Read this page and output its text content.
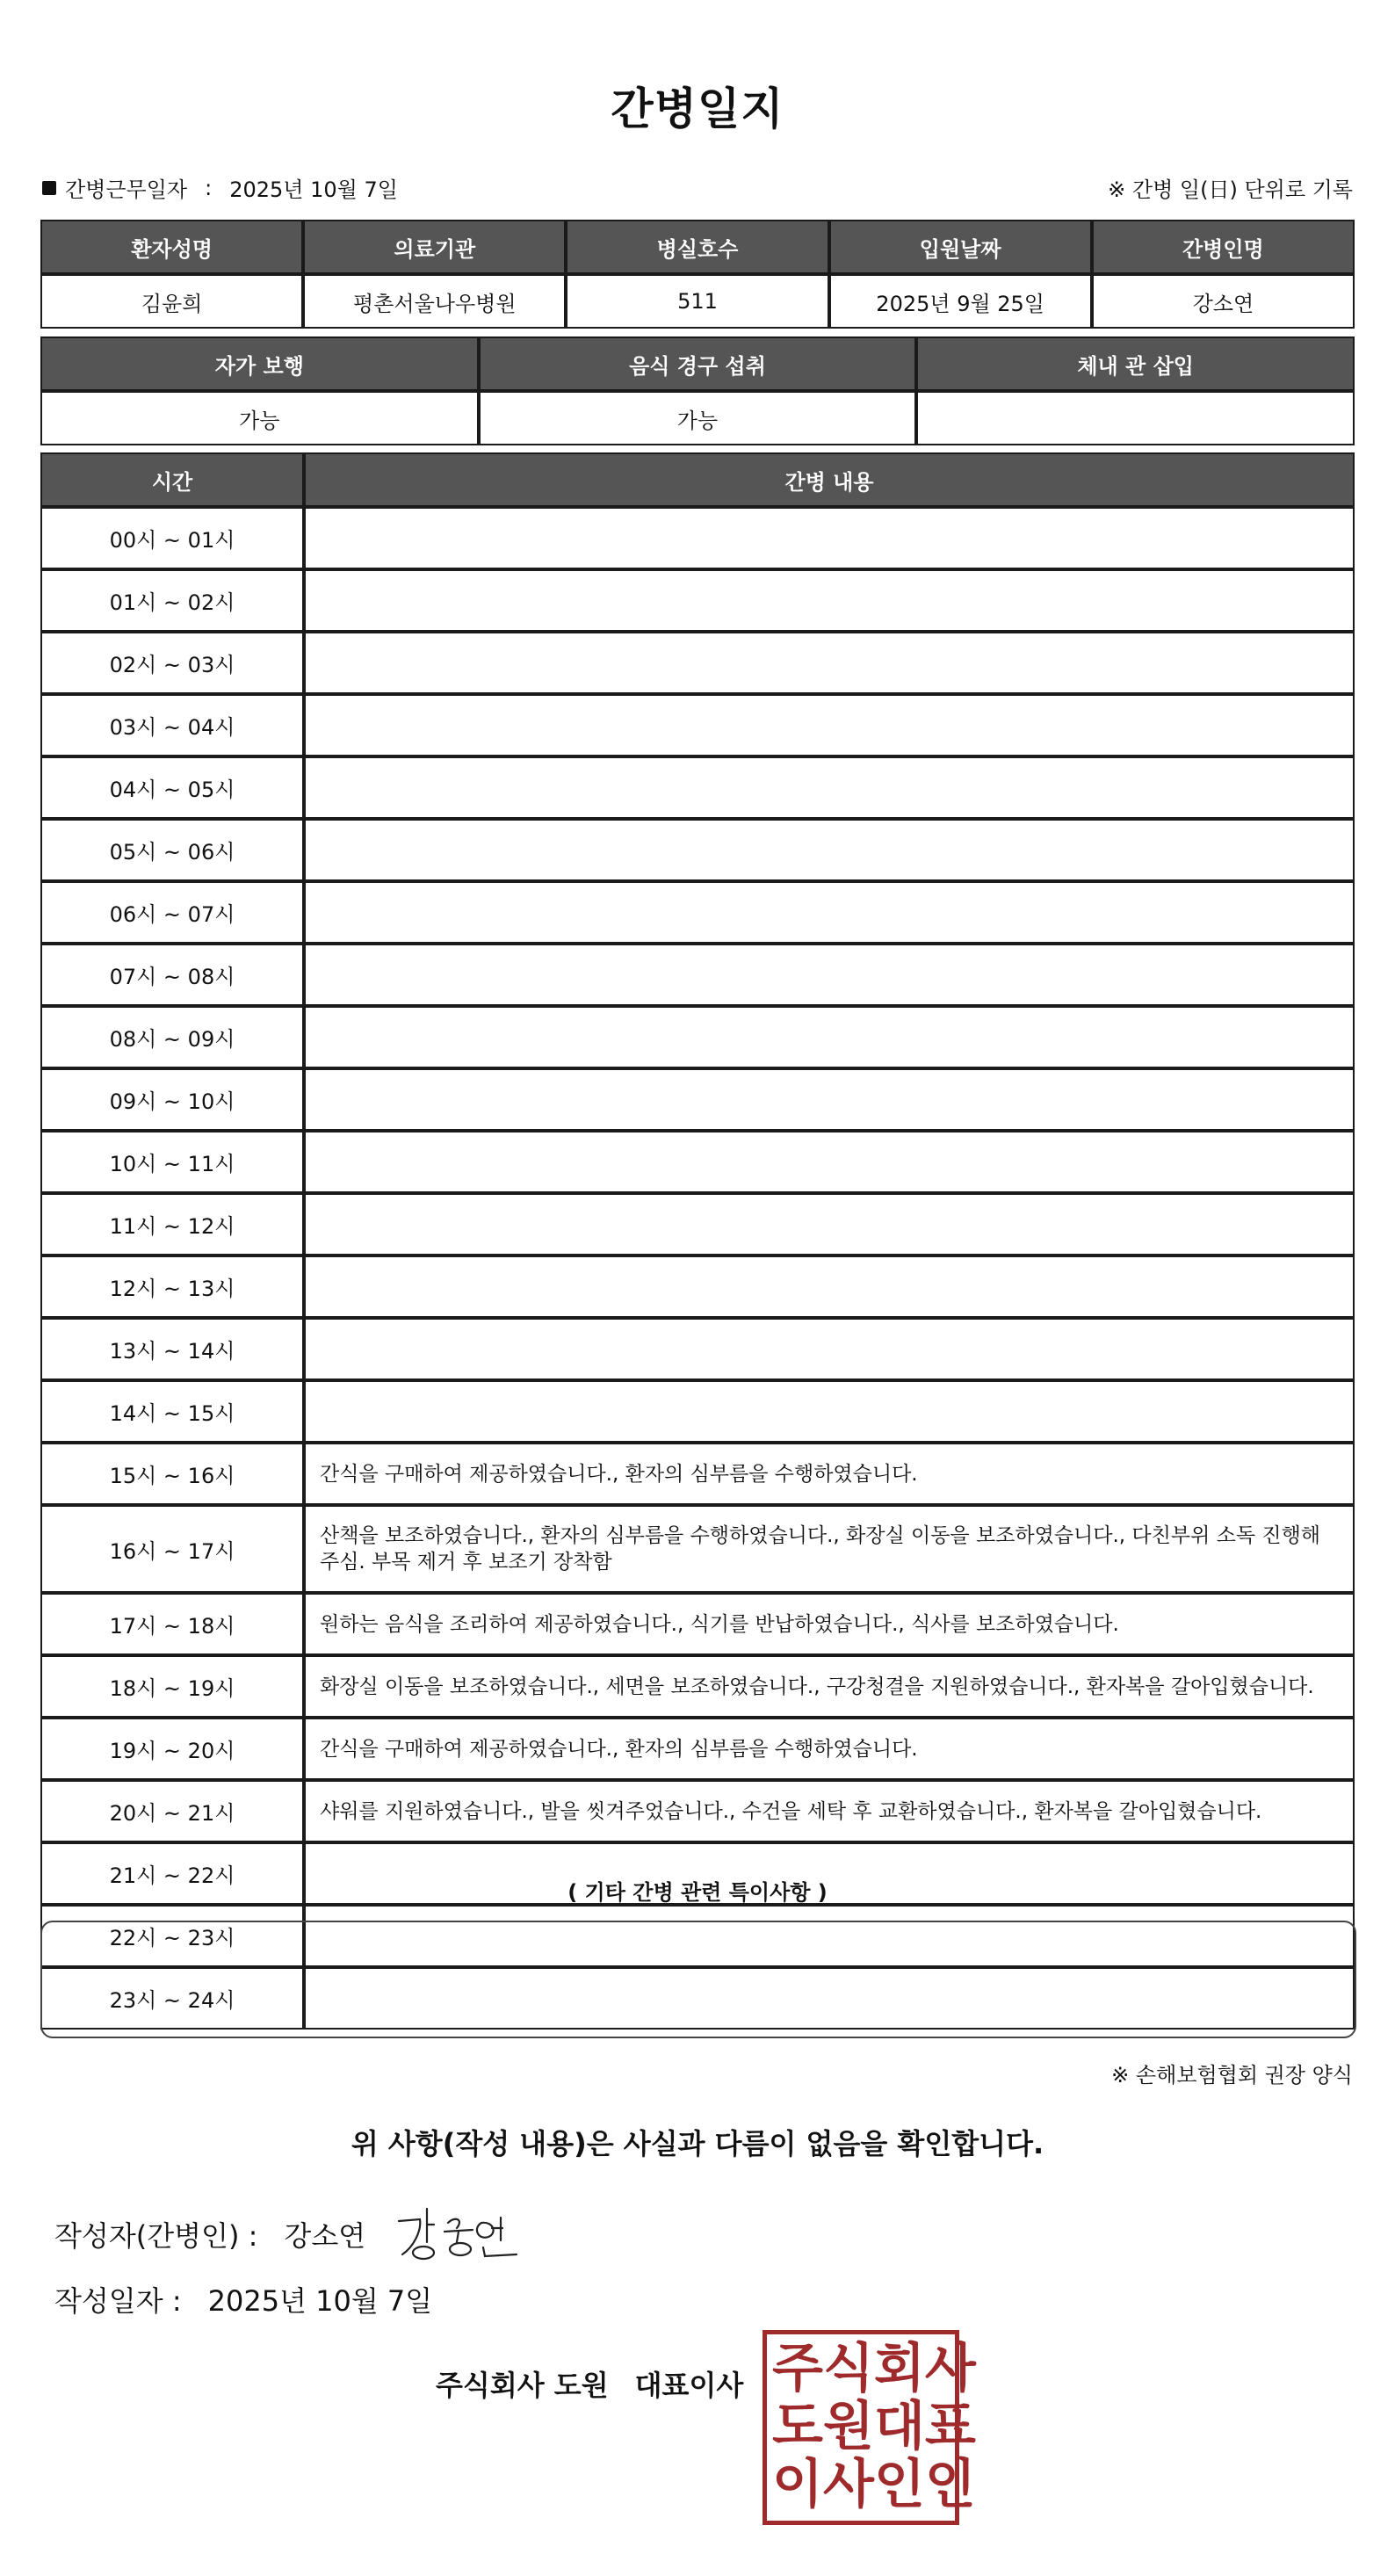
간병일지
간병근무일자 : 2025년 10월 7일	※ 간병 일(日) 단위로 기록
환자성명	의료기관	병실호수	입원날짜	간병인명
김윤희	평촌서울나우병원	511	2025년 9월 25일	강소연
자가 보행	음식 경구 섭취	체내 관 삽입
가능	가능	
시간	간병 내용
00시 ~ 01시	
01시 ~ 02시	
02시 ~ 03시	
03시 ~ 04시	
04시 ~ 05시	
05시 ~ 06시	
06시 ~ 07시	
07시 ~ 08시	
08시 ~ 09시	
09시 ~ 10시	
10시 ~ 11시	
11시 ~ 12시	
12시 ~ 13시	
13시 ~ 14시	
14시 ~ 15시	
15시 ~ 16시	간식을 구매하여 제공하였습니다., 환자의 심부름을 수행하였습니다.
16시 ~ 17시	산책을 보조하였습니다., 환자의 심부름을 수행하였습니다., 화장실 이동을 보조하였습니다., 다친부위 소독 진행해주심. 부목 제거 후 보조기 장착함
17시 ~ 18시	원하는 음식을 조리하여 제공하였습니다., 식기를 반납하였습니다., 식사를 보조하였습니다.
18시 ~ 19시	화장실 이동을 보조하였습니다., 세면을 보조하였습니다., 구강청결을 지원하였습니다., 환자복을 갈아입혔습니다.
19시 ~ 20시	간식을 구매하여 제공하였습니다., 환자의 심부름을 수행하였습니다.
20시 ~ 21시	샤워를 지원하였습니다., 발을 씻겨주었습니다., 수건을 세탁 후 교환하였습니다., 환자복을 갈아입혔습니다.
21시 ~ 22시	
22시 ~ 23시	
23시 ~ 24시	
( 기타 간병 관련 특이사항 )
※ 손해보험협회 권장 양식
위 사항(작성 내용)은 사실과 다름이 없음을 확인합니다.
작성자(간병인) : 강소연
작성일자 : 2025년 10월 7일
주식회사 도원 대표이사 주 식 회 사
도 원 대 표
이 사 인 인
